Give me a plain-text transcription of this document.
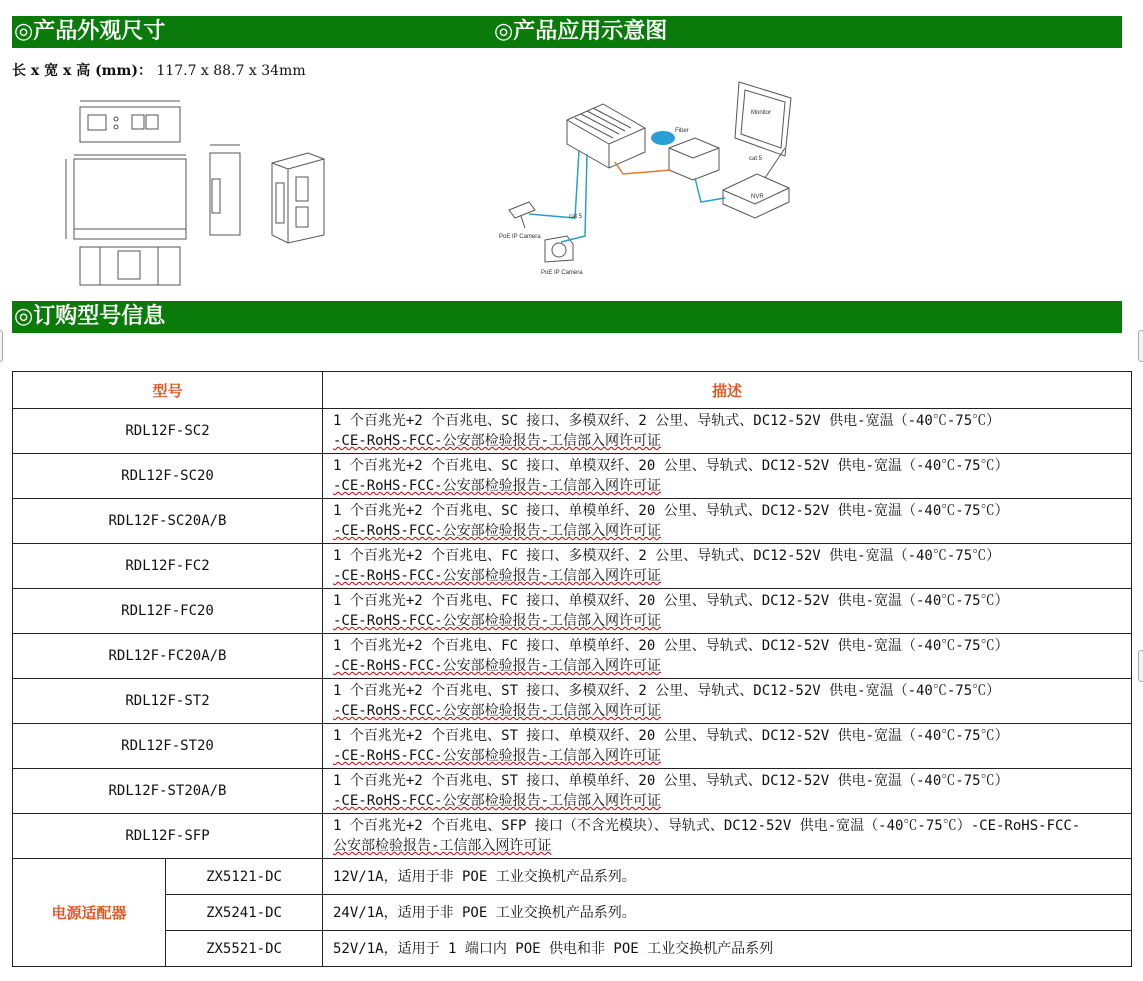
◎产品外观尺寸	◎产品应用示意图
长 x 宽 x 高 (mm)： 117.7 x 88.7 x 34mm
PoE IP Camera
PoE IP Camera
NVR
Monitor
cat 5
cat 5
Fiber
◎订购型号信息
型号		描述
RDL12F-SC2		1 个百兆光+2 个百兆电、SC 接口、多模双纤、2 公里、导轨式、DC12-52V 供电-宽温（-40℃-75℃）
-CE-RoHS-FCC-公安部检验报告-工信部入网许可证

RDL12F-SC20		1 个百兆光+2 个百兆电、SC 接口、单模双纤、20 公里、导轨式、DC12-52V 供电-宽温（-40℃-75℃）
-CE-RoHS-FCC-公安部检验报告-工信部入网许可证

RDL12F-SC20A/B		1 个百兆光+2 个百兆电、SC 接口、单模单纤、20 公里、导轨式、DC12-52V 供电-宽温（-40℃-75℃）
-CE-RoHS-FCC-公安部检验报告-工信部入网许可证

RDL12F-FC2		1 个百兆光+2 个百兆电、FC 接口、多模双纤、2 公里、导轨式、DC12-52V 供电-宽温（-40℃-75℃）
-CE-RoHS-FCC-公安部检验报告-工信部入网许可证

RDL12F-FC20		1 个百兆光+2 个百兆电、FC 接口、单模双纤、20 公里、导轨式、DC12-52V 供电-宽温（-40℃-75℃）
-CE-RoHS-FCC-公安部检验报告-工信部入网许可证

RDL12F-FC20A/B		1 个百兆光+2 个百兆电、FC 接口、单模单纤、20 公里、导轨式、DC12-52V 供电-宽温（-40℃-75℃）
-CE-RoHS-FCC-公安部检验报告-工信部入网许可证

RDL12F-ST2		1 个百兆光+2 个百兆电、ST 接口、多模双纤、2 公里、导轨式、DC12-52V 供电-宽温（-40℃-75℃）
-CE-RoHS-FCC-公安部检验报告-工信部入网许可证

RDL12F-ST20		1 个百兆光+2 个百兆电、ST 接口、单模双纤、20 公里、导轨式、DC12-52V 供电-宽温（-40℃-75℃）
-CE-RoHS-FCC-公安部检验报告-工信部入网许可证

RDL12F-ST20A/B		1 个百兆光+2 个百兆电、ST 接口、单模单纤、20 公里、导轨式、DC12-52V 供电-宽温（-40℃-75℃）
-CE-RoHS-FCC-公安部检验报告-工信部入网许可证

RDL12F-SFP		1 个百兆光+2 个百兆电、SFP 接口（不含光模块）、导轨式、DC12-52V 供电-宽温（-40℃-75℃）-CE-RoHS-FCC-
公安部检验报告-工信部入网许可证

电源适配器	ZX5121-DC	12V/1A，适用于非 POE 工业交换机产品系列。
	ZX5241-DC	24V/1A，适用于非 POE 工业交换机产品系列。
	ZX5521-DC	52V/1A，适用于 1 端口内 POE 供电和非 POE 工业交换机产品系列
